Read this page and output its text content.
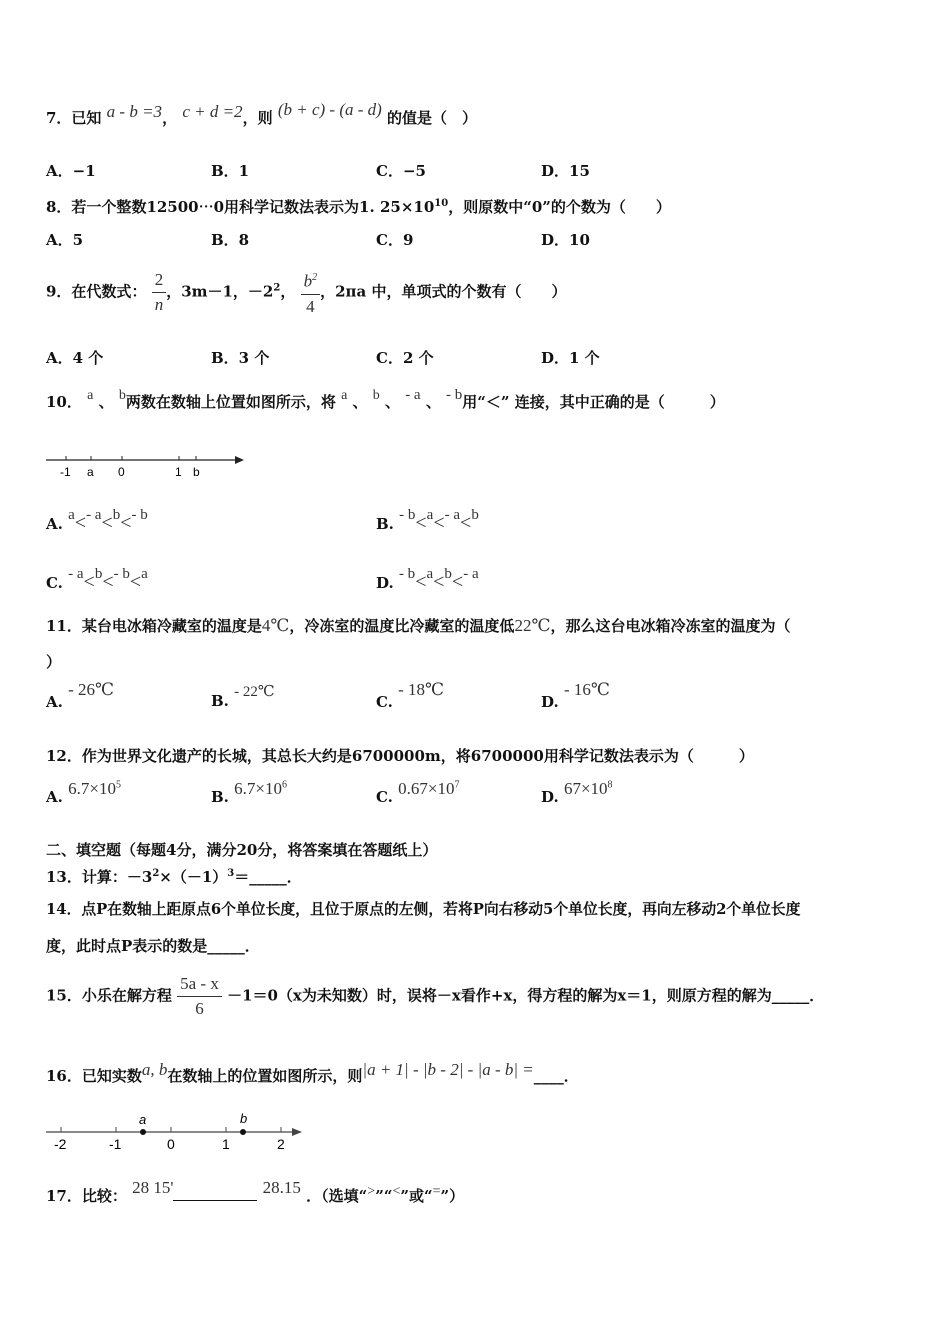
7．已知 a - b =3， c + d =2，则 (b + c) - (a - d) 的值是（　）
A．−1	B．1	C．−5	D．15
8．若一个整数12500⋯0用科学记数法表示为1. $25\times 10^{10}$，则原数中“0”的个数为（　　）
A．5	B．8	C．9	D．10
9．在代数式： $\frac{2}{n}$ ，3m－1，$-2^2$， $\frac{b^2}{4}$ ，2πa 中，单项式的个数有（　　）
A．4 个	B．3 个	C．2 个	D．1 个
10． a 、 b两数在数轴上位置如图所示，将 a 、 b 、 - a 、 - b用“＜” 连接，其中正确的是（　　　）
-1 a 0	1 b
A. a<- a<b<- b	B. - b<a<- a<b
C. - a<b<- b<a	D. - b<a<b<- a
11．某台电冰箱冷藏室的温度是4℃，冷冻室的温度比冷藏室的温度低22℃，那么这台电冰箱冷冻室的温度为（
）
A. - 26℃
B. - 22℃
C. - 18℃
D. - 16℃
12．作为世界文化遗产的长城，其总长大约是6700000m，将6700000用科学记数法表示为（　　　）
A. $6.7\times 10^5$
B. $6.7\times 10^6$
C. $0.67\times 10^7$
D. $67\times 10^8$
二、填空题（每题4分，满分20分，将答案填在答题纸上）
13．计算：$-3^2\times(-1)^3=\_\_\_\_\_$．
14．点P在数轴上距原点6个单位长度，且位于原点的左侧，若将P向右移动5个单位长度，再向左移动2个单位长度
度，此时点P表示的数是_____．
15．小乐在解方程 $\frac{5a - x}{6} -1=0(x$为未知数）时，误将－x看作+x，得方程的解为x＝1，则原方程的解为_____．
16．已知实数a, b在数轴上的位置如图所示，则|a + 1| - |b - 2| - |a - b| =____．
-2	-1	0	1	2
a	b
17．比较： 28 15'	28.15 ．（选填“>”“<”或“=”）
